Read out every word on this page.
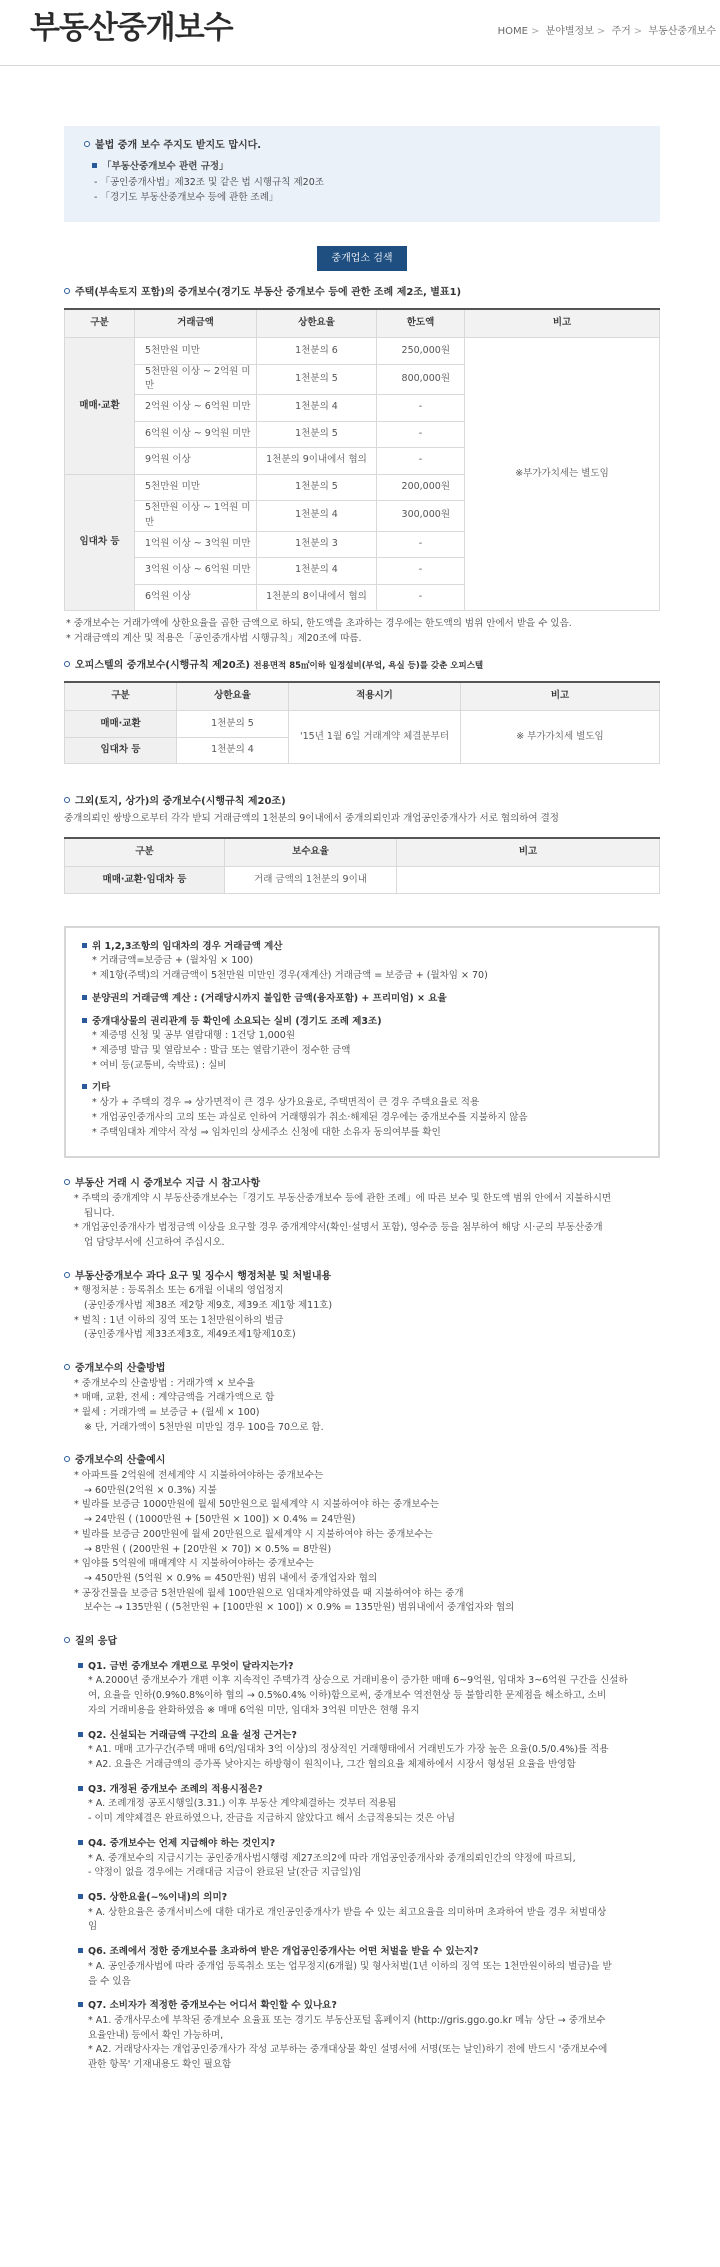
부동산중개보수	HOME > 분야별정보 > 주거 > 부동산중개보수
불법 중개 보수 주지도 받지도 맙시다.
「부동산중개보수 관련 규정」
- 「공인중개사법」제32조 및 같은 법 시행규칙 제20조
- 「경기도 부동산중개보수 등에 관한 조례」
중개업소 검색
주택(부속토지 포함)의 중개보수(경기도 부동산 중개보수 등에 관한 조례 제2조, 별표1)
구분	거래금액	상한요율	한도액	비고
매매·교환	5천만원 미만	1천분의 6	250,000원	※부가가치세는 별도임
	5천만원 이상 ~ 2억원 미만	1천분의 5	800,000원	
	2억원 이상 ~ 6억원 미만	1천분의 4	-	
	6억원 이상 ~ 9억원 미만	1천분의 5	-	
	9억원 이상	1천분의 9이내에서 협의	-	
임대차 등	5천만원 미만	1천분의 5	200,000원	
	5천만원 이상 ~ 1억원 미만	1천분의 4	300,000원	
	1억원 이상 ~ 3억원 미만	1천분의 3	-	
	3억원 이상 ~ 6억원 미만	1천분의 4	-	
	6억원 이상	1천분의 8이내에서 협의	-	
* 중개보수는 거래가액에 상한요율을 곱한 금액으로 하되, 한도액을 초과하는 경우에는 한도액의 범위 안에서 받을 수 있음.
* 거래금액의 계산 및 적용은「공인중개사법 시행규칙」제20조에 따름.
오피스텔의 중개보수(시행규칙 제20조) 전용면적 85㎡이하 일정설비(부엌, 욕실 등)를 갖춘 오피스텔
구분	상한요율	적용시기	비고
매매·교환	1천분의 5	'15년 1월 6일 거래계약 체결분부터	※ 부가가치세 별도임
임대차 등	1천분의 4		
그외(토지, 상가)의 중개보수(시행규칙 제20조)
중개의뢰인 쌍방으로부터 각각 받되 거래금액의 1천분의 9이내에서 중개의뢰인과 개업공인중개사가 서로 협의하여 결정
구분	보수요율	비고
매매·교환·임대차 등	거래 금액의 1천분의 9이내	
위 1,2,3조항의 임대차의 경우 거래금액 계산
* 거래금액=보증금 + (월차임 × 100)
* 제1항(주택)의 거래금액이 5천만원 미만인 경우(재계산) 거래금액 = 보증금 + (월차임 × 70)
분양권의 거래금액 계산 : (거래당시까지 불입한 금액(융자포함) + 프리미엄) × 요율
중개대상물의 권리관계 등 확인에 소요되는 실비 (경기도 조례 제3조)
* 제증명 신청 및 공부 열람대행 : 1건당 1,000원
* 제증명 발급 및 열람보수 : 발급 또는 열람기관이 정수한 금액
* 여비 등(교통비, 숙박료) : 실비
기타
* 상가 + 주택의 경우 ⇒ 상가면적이 큰 경우 상가요율로, 주택면적이 큰 경우 주택요율로 적용
* 개업공인중개사의 고의 또는 과실로 인하여 거래행위가 취소·해제된 경우에는 중개보수를 지불하지 않음
* 주택임대차 계약서 작성 ⇒ 임차인의 상세주소 신청에 대한 소유자 동의여부를 확인
부동산 거래 시 중개보수 지급 시 참고사항
* 주택의 중개계약 시 부동산중개보수는「경기도 부동산중개보수 등에 관한 조례」에 따른 보수 및 한도액 범위 안에서 지불하시면
됩니다.
* 개업공인중개사가 법정금액 이상을 요구할 경우 중개계약서(확인·설명서 포함), 영수증 등을 첨부하여 해당 시·군의 부동산중개
업 담당부서에 신고하여 주십시오.
부동산중개보수 과다 요구 및 징수시 행정처분 및 처벌내용
* 행정처분 : 등록취소 또는 6개월 이내의 영업정지
(공인중개사법 제38조 제2항 제9호, 제39조 제1항 제11호)
* 벌칙 : 1년 이하의 징역 또는 1천만원이하의 벌금
(공인중개사법 제33조제3호, 제49조제1항제10호)
중개보수의 산출방법
* 중개보수의 산출방법 : 거래가액 × 보수율
* 매매, 교환, 전세 : 계약금액을 거래가액으로 함
* 월세 : 거래가액 = 보증금 + (월세 × 100)
※ 단, 거래가액이 5천만원 미만일 경우 100을 70으로 함.
중개보수의 산출예시
* 아파트를 2억원에 전세계약 시 지불하여야하는 중개보수는
→ 60만원(2억원 × 0.3%) 지불
* 빌라를 보증금 1000만원에 월세 50만원으로 월세계약 시 지불하여야 하는 중개보수는
→ 24만원 ( (1000만원 + [50만원 × 100]) × 0.4% = 24만원)
* 빌라를 보증금 200만원에 월세 20만원으로 월세계약 시 지불하여야 하는 중개보수는
→ 8만원 ( (200만원 + [20만원 × 70]) × 0.5% = 8만원)
* 임야를 5억원에 매매계약 시 지불하여야하는 중개보수는
→ 450만원 (5억원 × 0.9% = 450만원) 범위 내에서 중개업자와 협의
* 공장건물을 보증금 5천만원에 월세 100만원으로 임대차계약하였을 때 지불하여야 하는 중개
보수는 → 135만원 ( (5천만원 + [100만원 × 100]) × 0.9% = 135만원) 범위내에서 중개업자와 협의
질의 응답
Q1. 금번 중개보수 개편으로 무엇이 달라지는가?
* A.2000년 중개보수가 개편 이후 지속적인 주택가격 상승으로 거래비용이 증가한 매매 6~9억원, 임대차 3~6억원 구간을 신설하
여, 요율을 인하(0.9%0.8%이하 협의 → 0.5%0.4% 이하)함으로써, 중개보수 역전현상 등 불합리한 문제점을 해소하고, 소비
자의 거래비용을 완화하였음 ※ 매매 6억원 미만, 임대차 3억원 미만은 현행 유지
Q2. 신설되는 거래금액 구간의 요율 설정 근거는?
* A1. 매매 고가구간(주택 매매 6억/임대차 3억 이상)의 정상적인 거래행태에서 거래빈도가 가장 높은 요율(0.5/0.4%)를 적용
* A2. 요율은 거래금액의 증가폭 낮아지는 하방형이 원칙이나, 그간 협의요율 체제하에서 시장서 형성된 요율을 반영함
Q3. 개정된 중개보수 조례의 적용시점은?
* A. 조례개정 공포시행일(3.31.) 이후 부동산 계약체결하는 것부터 적용됨
- 이미 계약체결은 완료하였으나, 잔금을 지급하지 않았다고 해서 소급적용되는 것은 아님
Q4. 중개보수는 언제 지급해야 하는 것인지?
* A. 중개보수의 지급시기는 공인중개사법시행령 제27조의2에 따라 개업공인중개사와 중개의뢰인간의 약정에 따르되,
- 약정이 없을 경우에는 거래대금 지급이 완료된 날(잔금 지급일)임
Q5. 상한요율(~%이내)의 의미?
* A. 상한요율은 중개서비스에 대한 대가로 개인공인중개사가 받을 수 있는 최고요율을 의미하며 초과하여 받을 경우 처벌대상
임
Q6. 조례에서 정한 중개보수를 초과하여 받은 개업공인중개사는 어떤 처벌을 받을 수 있는지?
* A. 공인중개사법에 따라 중개업 등록취소 또는 업무정지(6개월) 및 형사처벌(1년 이하의 징역 또는 1천만원이하의 벌금)을 받
을 수 있음
Q7. 소비자가 적정한 중개보수는 어디서 확인할 수 있나요?
* A1. 중개사무소에 부착된 중개보수 요율표 또는 경기도 부동산포털 홈페이지 (http://gris.ggo.go.kr 메뉴 상단 → 중개보수
요율안내) 등에서 확인 가능하며,
* A2. 거래당사자는 개업공인중개사가 작성 교부하는 중개대상물 확인 설명서에 서명(또는 날인)하기 전에 반드시 '중개보수에
관한 항목' 기재내용도 확인 필요함
